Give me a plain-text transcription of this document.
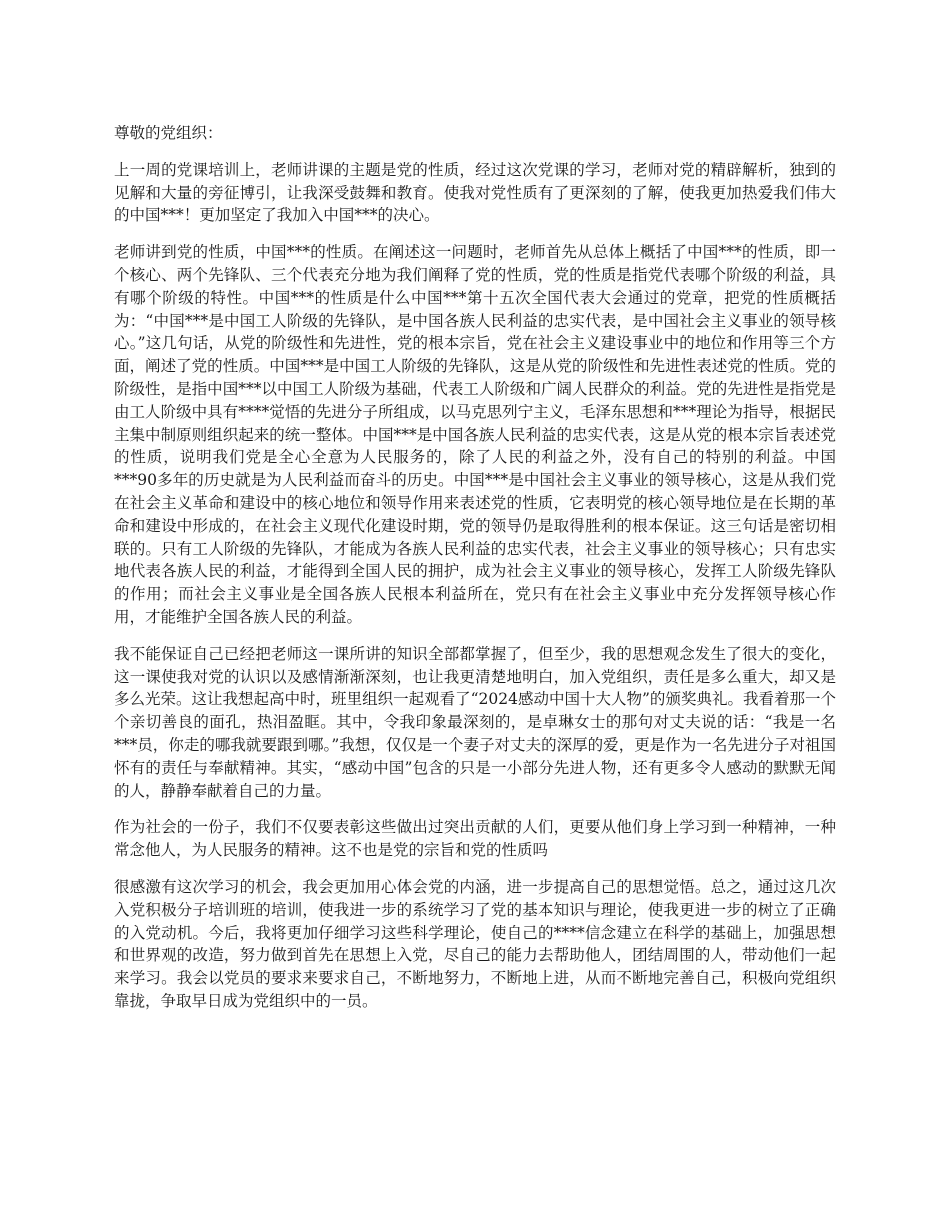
尊敬的党组织：

上一周的党课培训上，老师讲课的主题是党的性质，经过这次党课的学习，老师对党的精辟解析，独到的见解和大量的旁征博引，让我深受鼓舞和教育。使我对党性质有了更深刻的了解，使我更加热爱我们伟大的中国***！更加坚定了我加入中国***的决心。

老师讲到党的性质，中国***的性质。在阐述这一问题时，老师首先从总体上概括了中国***的性质，即一个核心、两个先锋队、三个代表充分地为我们阐释了党的性质，党的性质是指党代表哪个阶级的利益，具有哪个阶级的特性。中国***的性质是什么中国***第十五次全国代表大会通过的党章，把党的性质概括为：“中国***是中国工人阶级的先锋队，是中国各族人民利益的忠实代表，是中国社会主义事业的领导核心。”这几句话，从党的阶级性和先进性，党的根本宗旨，党在社会主义建设事业中的地位和作用等三个方面，阐述了党的性质。中国***是中国工人阶级的先锋队，这是从党的阶级性和先进性表述党的性质。党的阶级性，是指中国***以中国工人阶级为基础，代表工人阶级和广阔人民群众的利益。党的先进性是指党是由工人阶级中具有****觉悟的先进分子所组成，以马克思列宁主义，毛泽东思想和***理论为指导，根据民主集中制原则组织起来的统一整体。中国***是中国各族人民利益的忠实代表，这是从党的根本宗旨表述党的性质，说明我们党是全心全意为人民服务的，除了人民的利益之外，没有自己的特别的利益。中国***90多年的历史就是为人民利益而奋斗的历史。中国***是中国社会主义事业的领导核心，这是从我们党在社会主义革命和建设中的核心地位和领导作用来表述党的性质，它表明党的核心领导地位是在长期的革命和建设中形成的，在社会主义现代化建设时期，党的领导仍是取得胜利的根本保证。这三句话是密切相联的。只有工人阶级的先锋队，才能成为各族人民利益的忠实代表，社会主义事业的领导核心；只有忠实地代表各族人民的利益，才能得到全国人民的拥护，成为社会主义事业的领导核心，发挥工人阶级先锋队的作用；而社会主义事业是全国各族人民根本利益所在，党只有在社会主义事业中充分发挥领导核心作用，才能维护全国各族人民的利益。

我不能保证自己已经把老师这一课所讲的知识全部都掌握了，但至少，我的思想观念发生了很大的变化，这一课使我对党的认识以及感情渐渐深刻，也让我更清楚地明白，加入党组织，责任是多么重大，却又是多么光荣。这让我想起高中时，班里组织一起观看了“2024感动中国十大人物”的颁奖典礼。我看着那一个个亲切善良的面孔，热泪盈眶。其中，令我印象最深刻的，是卓琳女士的那句对丈夫说的话：“我是一名***员，你走的哪我就要跟到哪。”我想，仅仅是一个妻子对丈夫的深厚的爱，更是作为一名先进分子对祖国怀有的责任与奉献精神。其实，“感动中国”包含的只是一小部分先进人物，还有更多令人感动的默默无闻的人，静静奉献着自己的力量。

作为社会的一份子，我们不仅要表彰这些做出过突出贡献的人们，更要从他们身上学习到一种精神，一种常念他人，为人民服务的精神。这不也是党的宗旨和党的性质吗

很感激有这次学习的机会，我会更加用心体会党的内涵，进一步提高自己的思想觉悟。总之，通过这几次入党积极分子培训班的培训，使我进一步的系统学习了党的基本知识与理论，使我更进一步的树立了正确的入党动机。今后，我将更加仔细学习这些科学理论，使自己的****信念建立在科学的基础上，加强思想和世界观的改造，努力做到首先在思想上入党，尽自己的能力去帮助他人，团结周围的人，带动他们一起来学习。我会以党员的要求来要求自己，不断地努力，不断地上进，从而不断地完善自己，积极向党组织靠拢，争取早日成为党组织中的一员。
